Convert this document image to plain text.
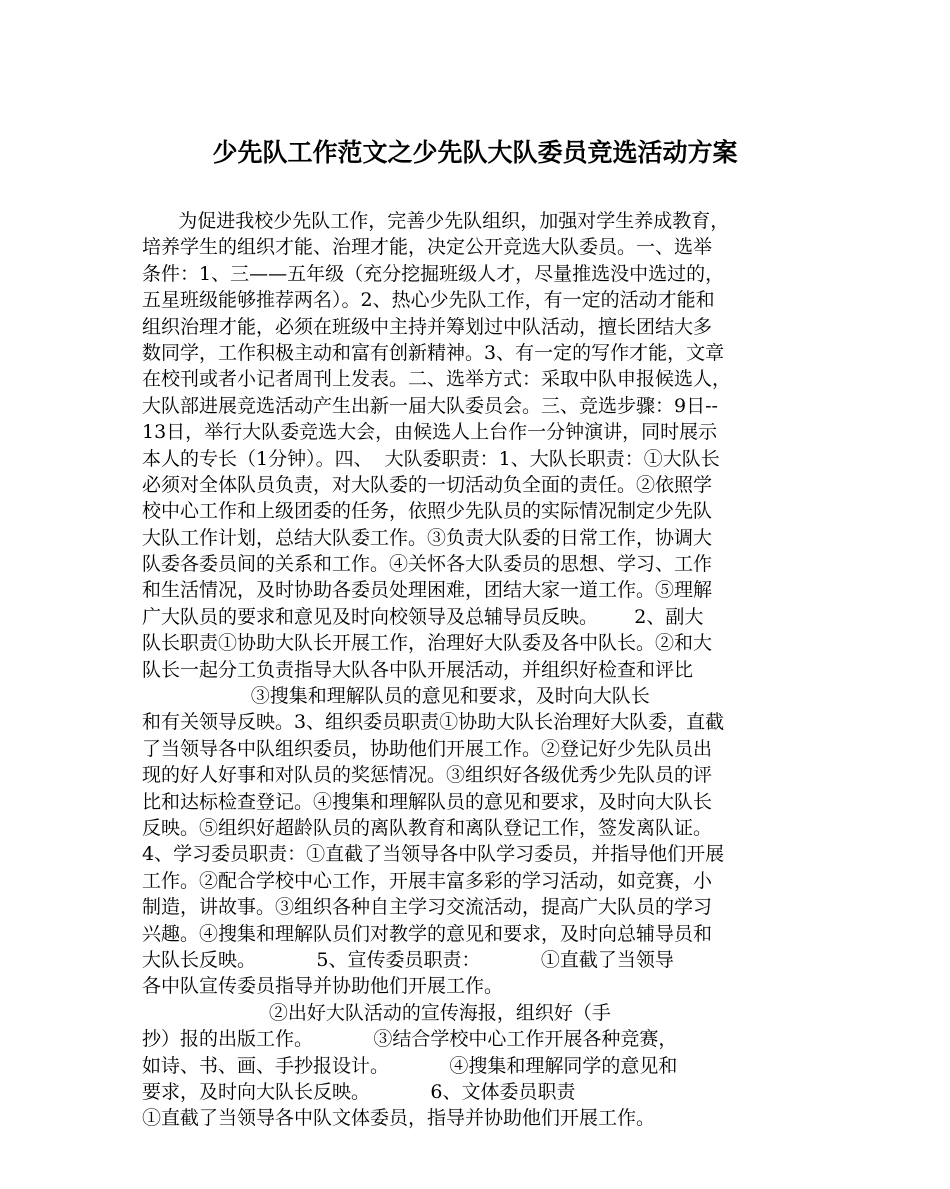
少先队工作范文之少先队大队委员竞选活动方案

为促进我校少先队工作，完善少先队组织，加强对学生养成教育，

培养学生的组织才能、治理才能，决定公开竞选大队委员。一、选举

条件：1、三——五年级（充分挖掘班级人才，尽量推选没中选过的，

五星班级能够推荐两名）。2、热心少先队工作，有一定的活动才能和

组织治理才能，必须在班级中主持并筹划过中队活动，擅长团结大多

数同学，工作积极主动和富有创新精神。3、有一定的写作才能，文章

在校刊或者小记者周刊上发表。二、选举方式：采取中队申报候选人，

大队部进展竞选活动产生出新一届大队委员会。三、竞选步骤：9日--

13日，举行大队委竞选大会，由候选人上台作一分钟演讲，同时展示

本人的专长（1分钟）。四、  大队委职责：1、大队长职责：①大队长

必须对全体队员负责，对大队委的一切活动负全面的责任。②依照学

校中心工作和上级团委的任务，依照少先队员的实际情况制定少先队

大队工作计划，总结大队委工作。③负责大队委的日常工作，协调大

队委各委员间的关系和工作。④关怀各大队委员的思想、学习、工作

和生活情况，及时协助各委员处理困难，团结大家一道工作。⑤理解

广大队员的要求和意见及时向校领导及总辅导员反映。      2、副大

队长职责①协助大队长开展工作，治理好大队委及各中队长。②和大

队长一起分工负责指导大队各中队开展活动，并组织好检查和评比

③搜集和理解队员的意见和要求，及时向大队长

和有关领导反映。3、组织委员职责①协助大队长治理好大队委，直截

了当领导各中队组织委员，协助他们开展工作。②登记好少先队员出

现的好人好事和对队员的奖惩情况。③组织好各级优秀少先队员的评

比和达标检查登记。④搜集和理解队员的意见和要求，及时向大队长

反映。⑤组织好超龄队员的离队教育和离队登记工作，签发离队证。

4、学习委员职责：①直截了当领导各中队学习委员，并指导他们开展

工作。②配合学校中心工作，开展丰富多彩的学习活动，如竞赛，小

制造，讲故事。③组织各种自主学习交流活动，提高广大队员的学习

兴趣。④搜集和理解队员们对教学的意见和要求，及时向总辅导员和

大队长反映。          5、宣传委员职责：          ①直截了当领导

各中队宣传委员指导并协助他们开展工作。

②出好大队活动的宣传海报，组织好（手

抄）报的出版工作。          ③结合学校中心工作开展各种竞赛，

如诗、书、画、手抄报设计。          ④搜集和理解同学的意见和

要求，及时向大队长反映。          6、文体委员职责

①直截了当领导各中队文体委员，指导并协助他们开展工作。
